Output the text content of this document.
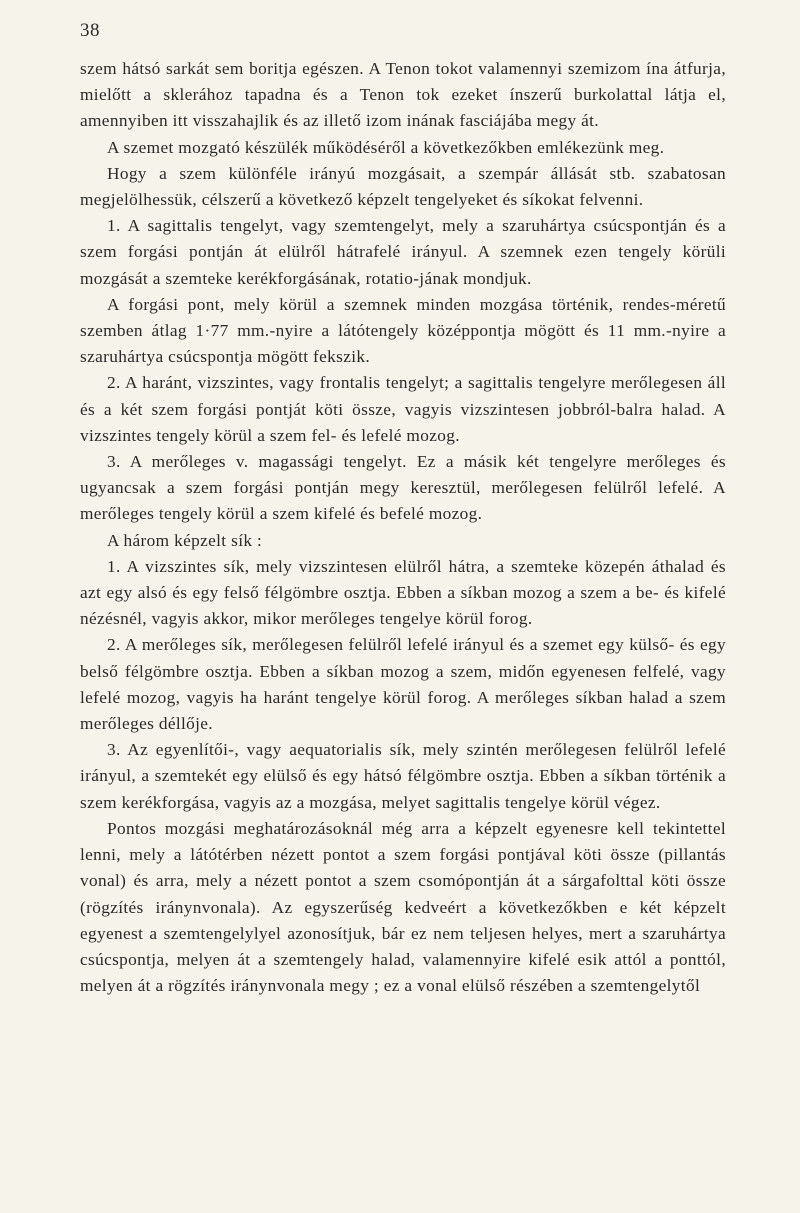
38

szem hátsó sarkát sem boritja egészen. A Tenon tokot valamennyi szemizom ína átfurja, mielőtt a sklerához tapadna és a Tenon tok ezeket ínszerű burkolattal látja el, amennyiben itt visszahajlik és az illető izom inának fasciájába megy át.

A szemet mozgató készülék működéséről a következőkben emlékezünk meg.

Hogy a szem különféle irányú mozgásait, a szempár állását stb. szabatosan megjelölhessük, célszerű a következő képzelt tengelyeket és síkokat felvenni.

1. A sagittalis tengelyt, vagy szemtengelyt, mely a szaruhártya csúcspontján és a szem forgási pontján át elülről hátrafelé irányul. A szemnek ezen tengely körüli mozgását a szemteke kerékforgásának, rotatio-jának mondjuk.

A forgási pont, mely körül a szemnek minden mozgása történik, rendes-méretű szemben átlag 1·77 mm.-nyire a látótengely középpontja mögött és 11 mm.-nyire a szaruhártya csúcspontja mögött fekszik.

2. A haránt, vizszintes, vagy frontalis tengelyt; a sagittalis tengelyre merőlegesen áll és a két szem forgási pontját köti össze, vagyis vizszintesen jobbról-balra halad. A vizszintes tengely körül a szem fel- és lefelé mozog.

3. A merőleges v. magassági tengelyt. Ez a másik két tengelyre merőleges és ugyancsak a szem forgási pontján megy keresztül, merőlegesen felülről lefelé. A merőleges tengely körül a szem kifelé és befelé mozog.

A három képzelt sík :

1. A vizszintes sík, mely vizszintesen elülről hátra, a szemteke közepén áthalad és azt egy alsó és egy felső félgömbre osztja. Ebben a síkban mozog a szem a be- és kifelé nézésnél, vagyis akkor, mikor merőleges tengelye körül forog.

2. A merőleges sík, merőlegesen felülről lefelé irányul és a szemet egy külső- és egy belső félgömbre osztja. Ebben a síkban mozog a szem, midőn egyenesen felfelé, vagy lefelé mozog, vagyis ha haránt tengelye körül forog. A merőleges síkban halad a szem merőleges déllője.

3. Az egyenlítői-, vagy aequatorialis sík, mely szintén merőlegesen felülről lefelé irányul, a szemtekét egy elülső és egy hátsó félgömbre osztja. Ebben a síkban történik a szem kerékforgása, vagyis az a mozgása, melyet sagittalis tengelye körül végez.

Pontos mozgási meghatározásoknál még arra a képzelt egyenesre kell tekintettel lenni, mely a látótérben nézett pontot a szem forgási pontjával köti össze (pillantás vonal) és arra, mely a nézett pontot a szem csomópontján át a sárgafolttal köti össze (rögzítés iránynvonala). Az egyszerűség kedveért a következőkben e két képzelt egyenest a szemtengelylyel azonosítjuk, bár ez nem teljesen helyes, mert a szaruhártya csúcspontja, melyen át a szemtengely halad, valamennyire kifelé esik attól a ponttól, melyen át a rögzítés iránynvonala megy ; ez a vonal elülső részében a szemtengelytől
